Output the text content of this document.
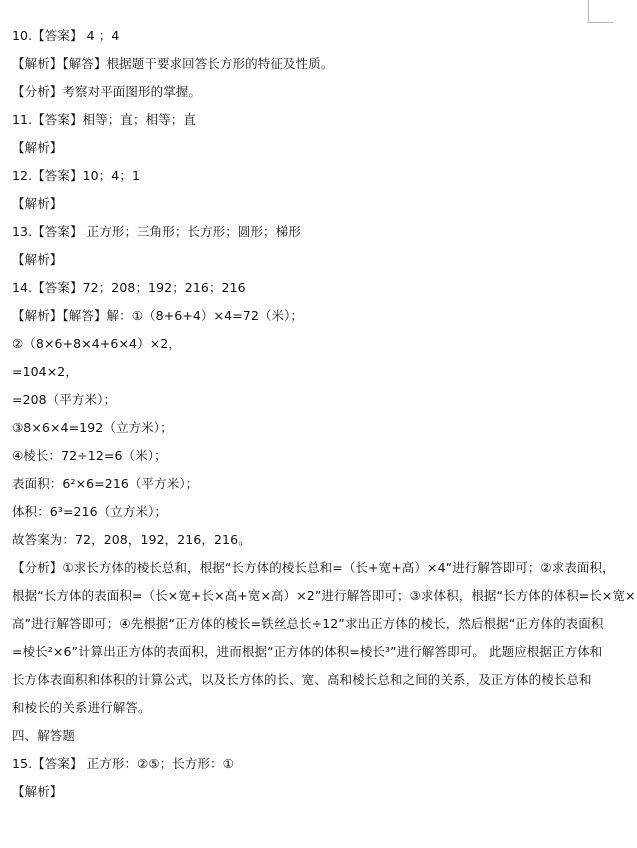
10.【答案】 4 ；4
【解析】【解答】根据题干要求回答长方形的特征及性质。
【分析】考察对平面图形的掌握。
11.【答案】相等；直；相等；直
【解析】
12.【答案】10；4；1
【解析】
13.【答案】 正方形；三角形；长方形；圆形；梯形
【解析】
14.【答案】72；208；192；216；216
【解析】【解答】解：①（8+6+4）×4=72（米）；
②（8×6+8×4+6×4）×2，
=104×2，
=208（平方米）；
③8×6×4=192（立方米）；
④棱长：72÷12=6（米）；
表面积：6²×6=216（平方米）；
体积：6³=216（立方米）；
故答案为：72，208，192，216，216。
【分析】①求长方体的棱长总和，根据“长方体的棱长总和=（长+宽+高）×4”进行解答即可；②求表面积，
根据“长方体的表面积=（长×宽+长×高+宽×高）×2”进行解答即可；③求体积，根据“长方体的体积=长×宽×
高”进行解答即可；④先根据“正方体的棱长=铁丝总长÷12”求出正方体的棱长，然后根据“正方体的表面积
=棱长²×6”计算出正方体的表面积，进而根据“正方体的体积=棱长³”进行解答即可。 此题应根据正方体和
长方体表面积和体积的计算公式，以及长方体的长、宽、高和棱长总和之间的关系，及正方体的棱长总和
和棱长的关系进行解答。
四、解答题
15.【答案】 正方形：②⑤；长方形：①
【解析】
